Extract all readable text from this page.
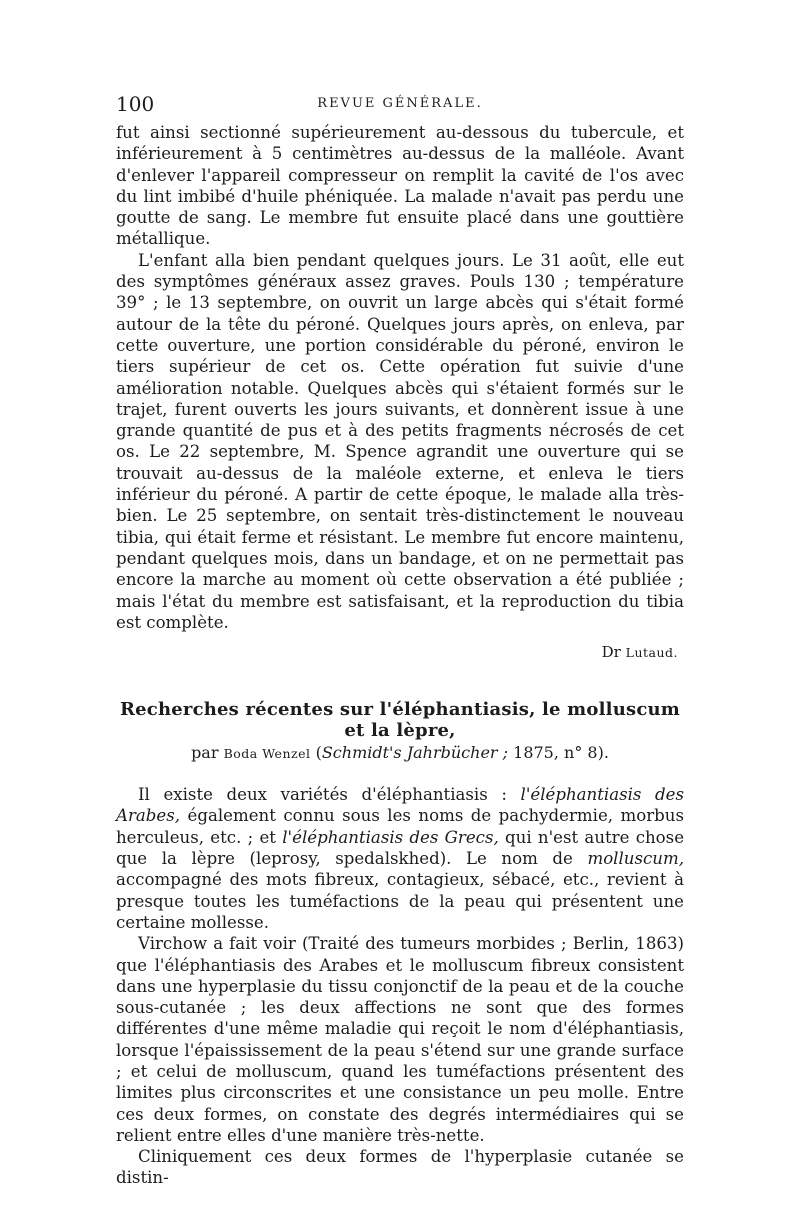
100	REVUE GÉNÉRALE.

fut ainsi sectionné supérieurement au-dessous du tubercule, et inférieurement à 5 centimètres au-dessus de la malléole. Avant d'enlever l'appareil compresseur on remplit la cavité de l'os avec du lint imbibé d'huile phéniquée. La malade n'avait pas perdu une goutte de sang. Le membre fut ensuite placé dans une gouttière métallique.

L'enfant alla bien pendant quelques jours. Le 31 août, elle eut des symptômes généraux assez graves. Pouls 130 ; température 39° ; le 13 septembre, on ouvrit un large abcès qui s'était formé autour de la tête du péroné. Quelques jours après, on enleva, par cette ouverture, une portion considérable du péroné, environ le tiers supérieur de cet os. Cette opération fut suivie d'une amélioration notable. Quelques abcès qui s'étaient formés sur le trajet, furent ouverts les jours suivants, et donnèrent issue à une grande quantité de pus et à des petits fragments nécrosés de cet os. Le 22 septembre, M. Spence agrandit une ouverture qui se trouvait au-dessus de la maléole externe, et enleva le tiers inférieur du péroné. A partir de cette époque, le malade alla très-bien. Le 25 septembre, on sentait très-distinctement le nouveau tibia, qui était ferme et résistant. Le membre fut encore maintenu, pendant quelques mois, dans un bandage, et on ne permettait pas encore la marche au moment où cette observation a été publiée ; mais l'état du membre est satisfaisant, et la reproduction du tibia est complète.

Dr Lutaud.
Recherches récentes sur l'éléphantiasis, le molluscum et la lèpre,
par Boda Wenzel (Schmidt's Jahrbücher ; 1875, n° 8).

Il existe deux variétés d'éléphantiasis : l'éléphantiasis des Arabes, également connu sous les noms de pachydermie, morbus herculeus, etc. ; et l'éléphantiasis des Grecs, qui n'est autre chose que la lèpre (leprosy, spedalskhed). Le nom de molluscum, accompagné des mots fibreux, contagieux, sébacé, etc., revient à presque toutes les tuméfactions de la peau qui présentent une certaine mollesse.

Virchow a fait voir (Traité des tumeurs morbides ; Berlin, 1863) que l'éléphantiasis des Arabes et le molluscum fibreux consistent dans une hyperplasie du tissu conjonctif de la peau et de la couche sous-cutanée ; les deux affections ne sont que des formes différentes d'une même maladie qui reçoit le nom d'éléphantiasis, lorsque l'épaississement de la peau s'étend sur une grande surface ; et celui de molluscum, quand les tuméfactions présentent des limites plus circonscrites et une consistance un peu molle. Entre ces deux formes, on constate des degrés intermédiaires qui se relient entre elles d'une manière très-nette.

Cliniquement ces deux formes de l'hyperplasie cutanée se distin-
